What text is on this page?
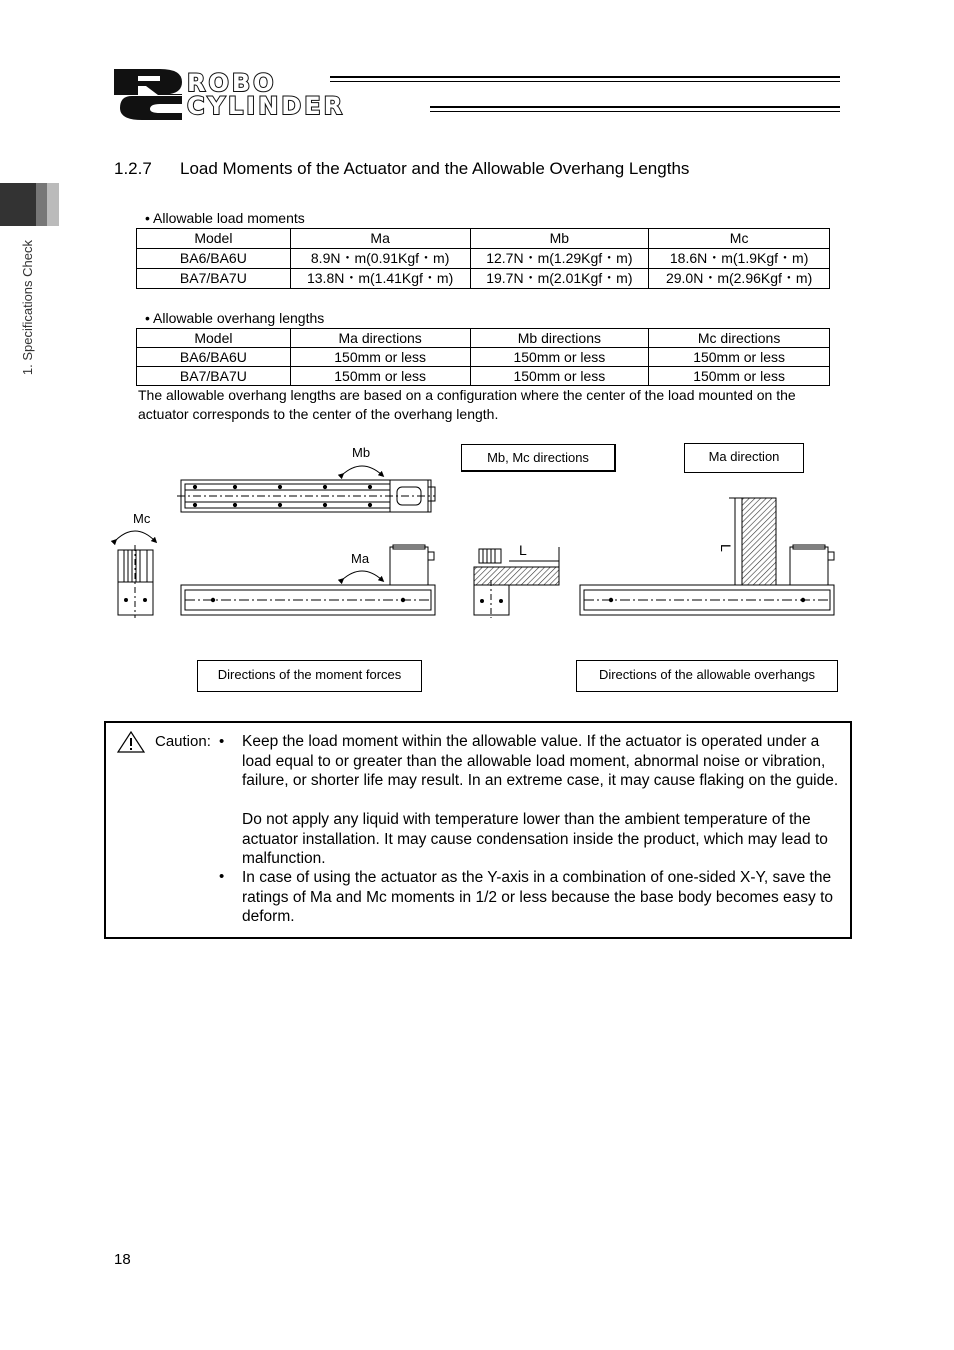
ROBO
CYLINDER
1. Specifications Check
1.2.7 Load Moments of the Actuator and the Allowable Overhang Lengths
• Allowable load moments
Model	Ma	Mb	Mc
BA6/BA6U	8.9N・m(0.91Kgf・m)	12.7N・m(1.29Kgf・m)	18.6N・m(1.9Kgf・m)
BA7/BA7U	13.8N・m(1.41Kgf・m)	19.7N・m(2.01Kgf・m)	29.0N・m(2.96Kgf・m)
• Allowable overhang lengths
Model	Ma directions	Mb directions	Mc directions
BA6/BA6U	150mm or less	150mm or less	150mm or less
BA7/BA7U	150mm or less	150mm or less	150mm or less
The allowable overhang lengths are based on a configuration where the center of the load mounted on the actuator corresponds to the center of the overhang length.
Mb
Mc
Ma
L	L
Mb, Mc directions	Ma direction
Directions of the moment forces	Directions of the allowable overhangs
Caution: • Keep the load moment within the allowable value. If the actuator is operated under a load equal to or greater than the allowable load moment, abnormal noise or vibration, failure, or shorter life may result. In an extreme case, it may cause flaking on the guide.
Do not apply any liquid with temperature lower than the ambient temperature of the actuator installation. It may cause condensation inside the product, which may lead to malfunction.
• In case of using the actuator as the Y-axis in a combination of one-sided X-Y, save the ratings of Ma and Mc moments in 1/2 or less because the base body becomes easy to deform.
18
